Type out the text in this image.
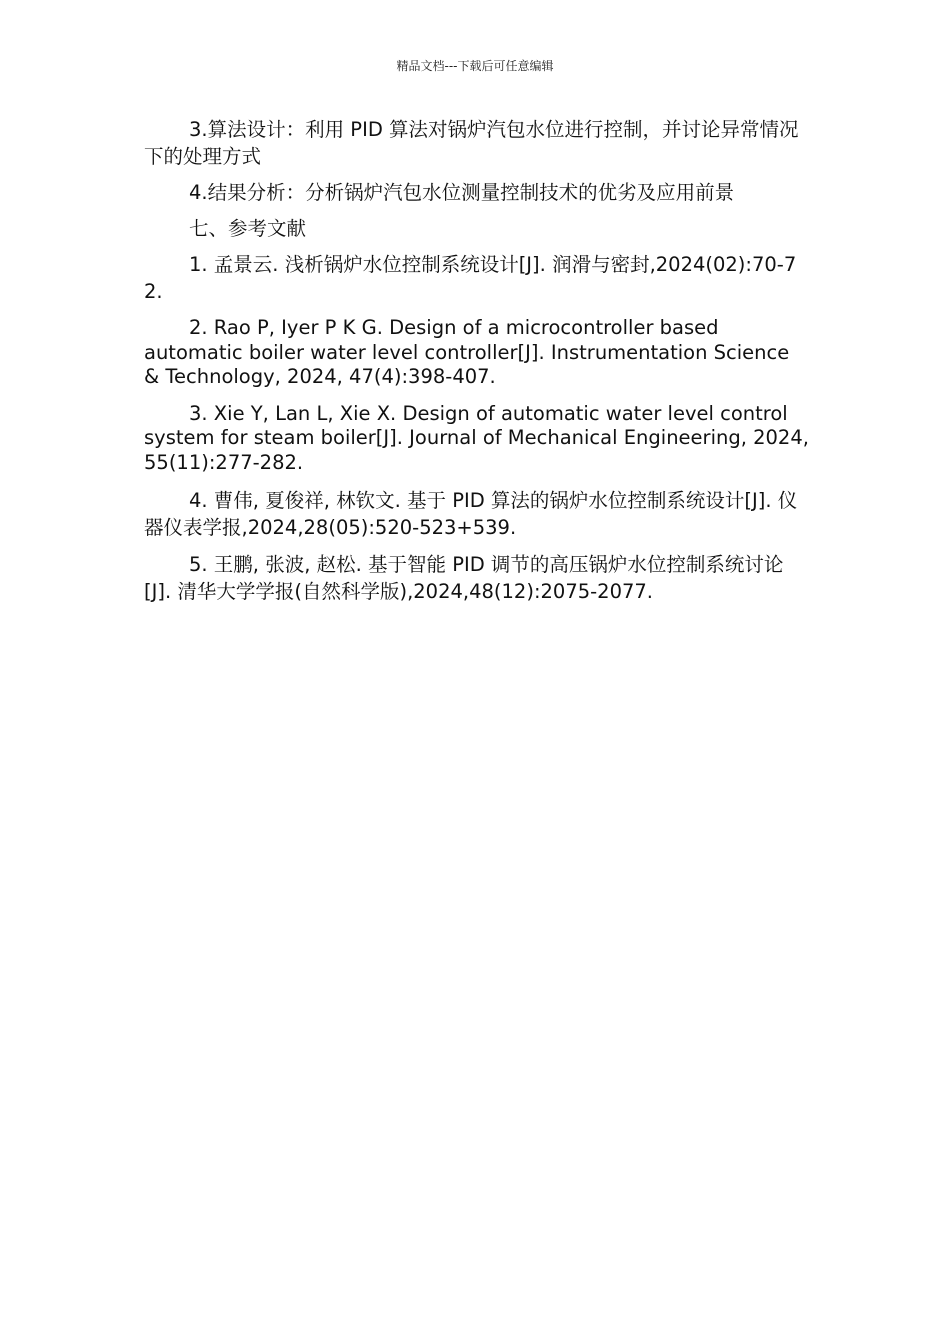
精品文档---下载后可任意编辑

3.算法设计：利用 PID 算法对锅炉汽包水位进行控制，并讨论异常情况下的处理方式

4.结果分析：分析锅炉汽包水位测量控制技术的优劣及应用前景

七、参考文献

1. 孟景云. 浅析锅炉水位控制系统设计[J]. 润滑与密封,2024(02):70-72.

2. Rao P, Iyer P K G. Design of a microcontroller based automatic boiler water level controller[J]. Instrumentation Science & Technology, 2024, 47(4):398-407.

3. Xie Y, Lan L, Xie X. Design of automatic water level control system for steam boiler[J]. Journal of Mechanical Engineering, 2024, 55(11):277-282.

4. 曹伟, 夏俊祥, 林钦文. 基于 PID 算法的锅炉水位控制系统设计[J]. 仪器仪表学报,2024,28(05):520-523+539.

5. 王鹏, 张波, 赵松. 基于智能 PID 调节的高压锅炉水位控制系统讨论[J]. 清华大学学报(自然科学版),2024,48(12):2075-2077.
